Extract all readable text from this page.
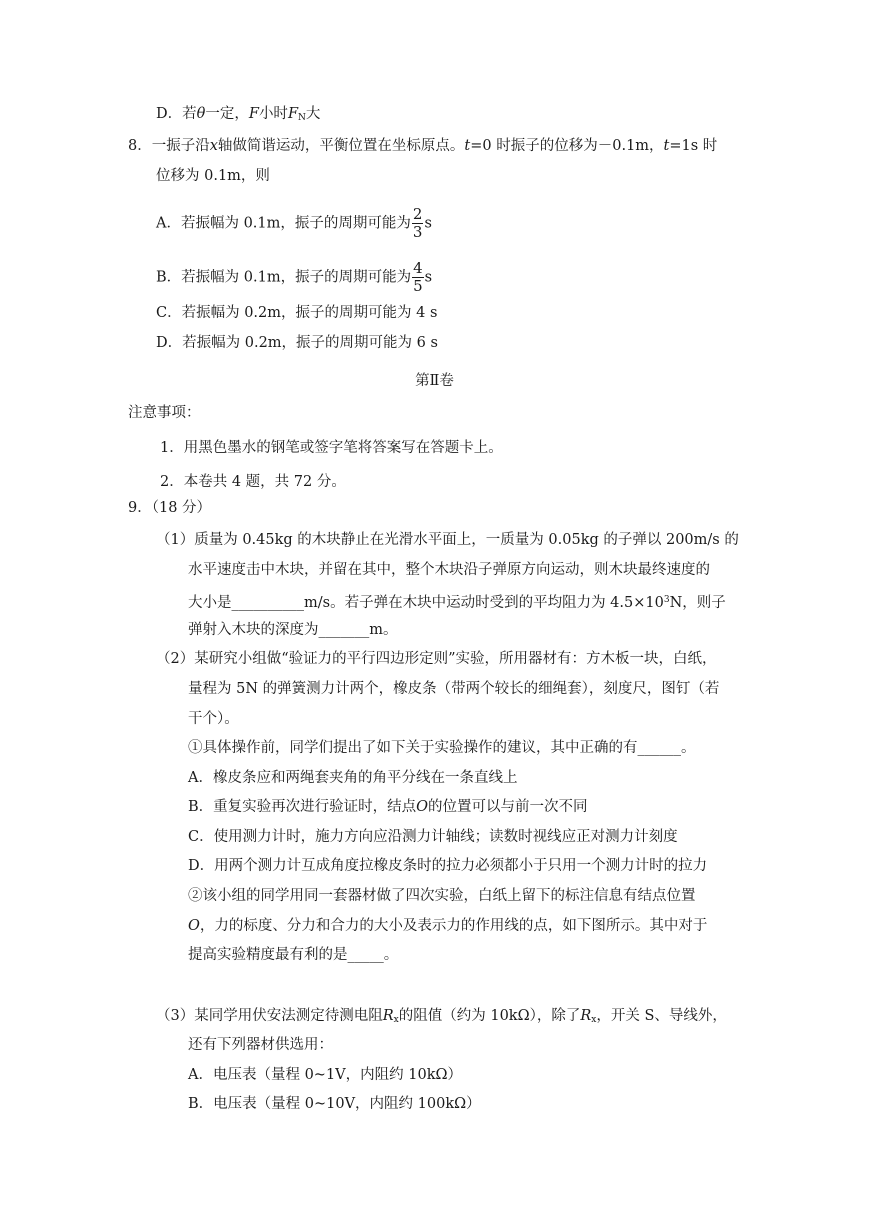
D．若θ一定，F小时$F_N$大
8．一振子沿x轴做简谐运动，平衡位置在坐标原点。t=0 时振子的位移为－0.1m，t=1s 时
位移为 0.1m，则
A．若振幅为 0.1m，振子的周期可能为 $\frac{2}{3}$ s
B．若振幅为 0.1m，振子的周期可能为 $\frac{4}{5}$ s
C．若振幅为 0.2m，振子的周期可能为 4 s
D．若振幅为 0.2m，振子的周期可能为 6 s
第Ⅱ卷
注意事项：
1．用黑色墨水的钢笔或签字笔将答案写在答题卡上。
2．本卷共 4 题，共 72 分。
9．（18 分）
（1）质量为 0.45kg 的木块静止在光滑水平面上，一质量为 0.05kg 的子弹以 200m/s 的
水平速度击中木块，并留在其中，整个木块沿子弹原方向运动，则木块最终速度的
大小是__________m/s。若子弹在木块中运动时受到的平均阻力为 $4.5\times 10^3N$，则子
弹射入木块的深度为_______m。
（2）某研究小组做“验证力的平行四边形定则”实验，所用器材有：方木板一块，白纸，
量程为 5N 的弹簧测力计两个，橡皮条（带两个较长的细绳套），刻度尺，图钉（若
干个）。
①具体操作前，同学们提出了如下关于实验操作的建议，其中正确的有______。
A．橡皮条应和两绳套夹角的角平分线在一条直线上
B．重复实验再次进行验证时，结点O的位置可以与前一次不同
C．使用测力计时，施力方向应沿测力计轴线；读数时视线应正对测力计刻度
D．用两个测力计互成角度拉橡皮条时的拉力必须都小于只用一个测力计时的拉力
②该小组的同学用同一套器材做了四次实验，白纸上留下的标注信息有结点位置
O，力的标度、分力和合力的大小及表示力的作用线的点，如下图所示。其中对于
提高实验精度最有利的是_____。
（3）某同学用伏安法测定待测电阻$R_x$的阻值（约为 10kΩ），除了$R_x$，开关 S、导线外，
还有下列器材供选用：
A．电压表（量程 0~1V，内阻约 10kΩ）
B．电压表（量程 0~10V，内阻约 100kΩ）
